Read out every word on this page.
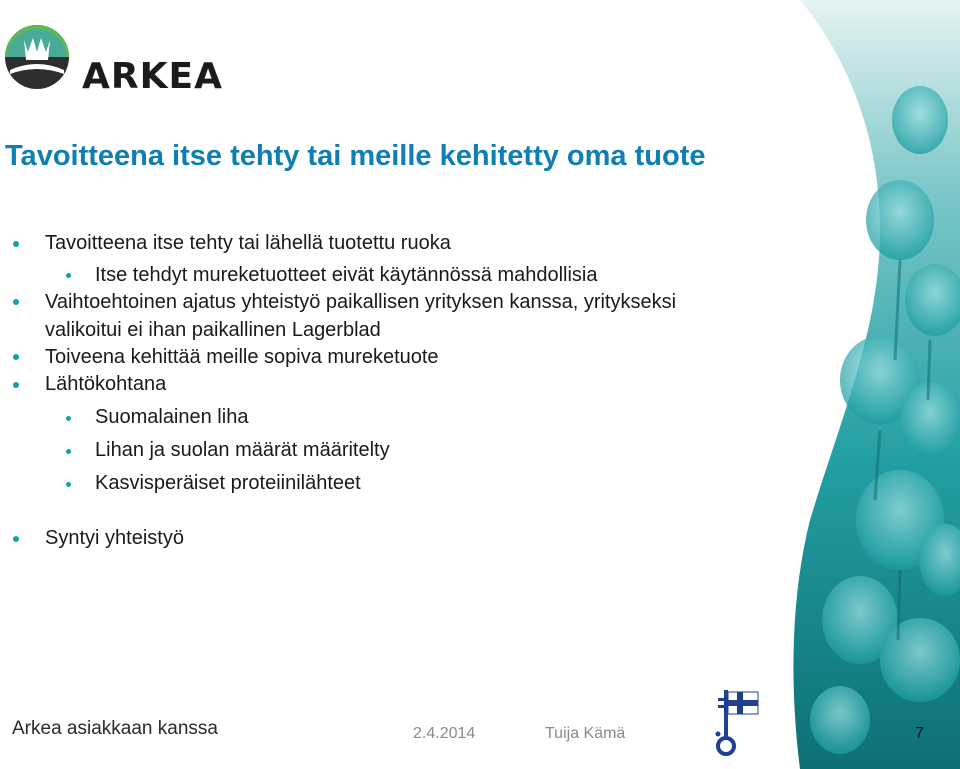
ARKEA
Tavoitteena itse tehty tai meille kehitetty oma tuote
Tavoitteena itse tehty tai lähellä tuotettu ruoka
Itse tehdyt mureketuotteet eivät käytännössä mahdollisia
Vaihtoehtoinen ajatus yhteistyö paikallisen yrityksen kanssa, yritykseksi
valikoitui ei ihan paikallinen Lagerblad
Toiveena kehittää meille sopiva mureketuote
Lähtökohtana
Suomalainen liha
Lihan ja suolan määrät määritelty
Kasvisperäiset proteiinilähteet
Syntyi yhteistyö
Arkea asiakkaan kanssa	2.4.2014	Tuija Kämä	7
